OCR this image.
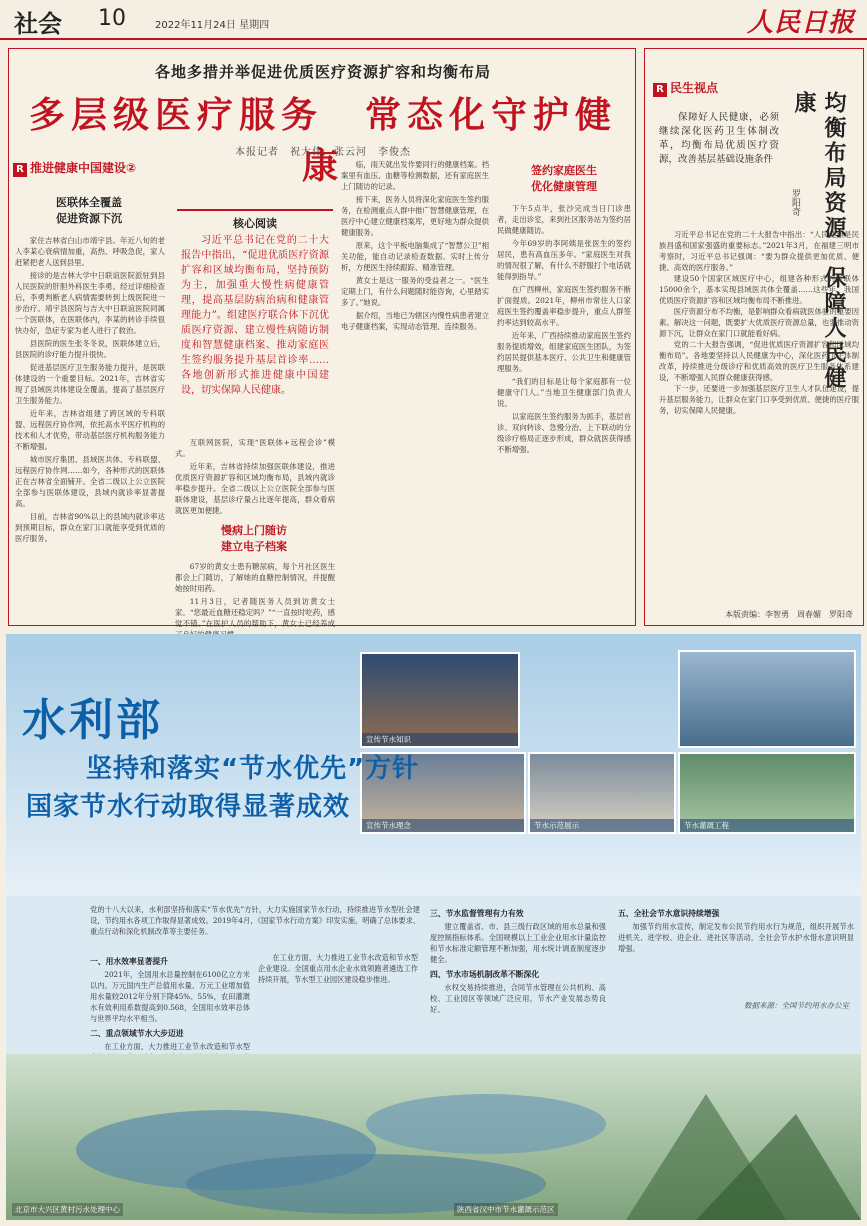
社会 10	2022年11月24日 星期四	人民日报
各地多措并举促进优质医疗资源扩容和均衡布局
多层级医疗服务　常态化守护健康
本报记者　祝大伟　张云河　李俊杰
R 推进健康中国建设②
医联体全覆盖
促进资源下沉

家住吉林省白山市靖宇县。年近八旬的老人李某心衰病情加重，高热、呼吸急促，家人赶紧把老人送到县里。

接诊的是吉林大学中日联谊医院派驻到县人民医院的肝胆外科医生李勇。经过详细检查后，李勇判断老人病情需要转到上级医院进一步治疗。靖宇县医院与吉大中日联谊医院同属一个医联体，在医联体内，李某的转诊手续很快办好，急症专家为老人进行了救治。

县医院的医生张冬冬说，医联体建立后，县医院的诊疗能力提升很快。

促进基层医疗卫生服务能力提升，是医联体建设的一个重要目标。2021年，吉林省实现了县域医共体建设全覆盖，提高了基层医疗卫生服务能力。

近年来，吉林省组建了跨区域的专科联盟、远程医疗协作网，依托高水平医疗机构的技术和人才优势，带动基层医疗机构服务能力不断增强。

城市医疗集团、县域医共体、专科联盟、远程医疗协作网……如今，各种形式的医联体正在吉林省全面铺开。全省二级以上公立医院全部参与医联体建设，县域内就诊率显著提高。

目前，吉林省90%以上的县域内就诊率达到预期目标，群众在家门口就能享受到优质的医疗服务。

核心阅读
习近平总书记在党的二十大报告中指出，“促进优质医疗资源扩容和区域均衡布局，坚持预防为主，加强重大慢性病健康管理，提高基层防病治病和健康管理能力”。组建医疗联合体下沉优质医疗资源、建立慢性病随访制度和智慧健康档案、推动家庭医生签约服务提升基层首诊率……各地创新形式推进健康中国建设，切实保障人民健康。

互联网医院，实现“医联体+远程会诊”模式。

近年来，吉林省持续加强医联体建设，推进优质医疗资源扩容和区域均衡布局，县域内就诊率稳步提升。全省二级以上公立医院全部参与医联体建设，基层诊疗量占比逐年提高，群众看病就医更加便捷。

慢病上门随访
建立电子档案

67岁的黄女士患有糖尿病，每个月社区医生都会上门随访，了解她的血糖控制情况，并提醒她按时用药。

11月3日，记者随医务人员到访黄女士家。“您最近血糖还稳定吗？”“一直按时吃药，感觉不错。”在医护人员的帮助下，黄女士已经养成

临，雨天就出发作要同行的健康档案。档案里有血压、血糖等检测数据，还有家庭医生上门随访的记录。

接下来，医务人员将深化家庭医生签约服务，在检测重点人群中推广智慧健康管理，在医疗中心建立健康档案库，更好地为群众提供健康服务。

原来，这个平板电脑集成了“智慧公卫”相关功能，能自动记录检查数据、实时上传分析，方便医生持续跟踪、精准管理。

黄女士是这一服务的受益者之一。“医生定期上门，有什么问题随时能咨询，心里踏实多了。”她说。

据介绍，当地已为辖区内慢性病患者建立电子健康档案，实现动态管理、连续服务。

签约家庭医生
优化健康管理

下午5点半，张沙完成当日门诊患者，走出诊室，来到社区服务站为签约居民做健康随访。

今年69岁的李阿姨是张医生的签约居民，患有高血压多年。“家庭医生对我的情况很了解，有什么不舒服打个电话就能得到指导。”

在广西柳州，家庭医生签约服务不断扩面提质。2021年，柳州市常住人口家庭医生签约覆盖率稳步提升，重点人群签约率达到较高水平。

近年来，广西持续推动家庭医生签约服务提质增效，组建家庭医生团队，为签约居民提供基本医疗、公共卫生和健康管理服务。

“我们的目标是让每个家庭都有一位健康守门人。”当地卫生健康部门负责人说。

以家庭医生签约服务为抓手，基层首诊、双向转诊、急慢分治、上下联动的分级诊疗格局正逐步形成，群众就医获得感不断增强。

R 民生视点
保障好人民健康，必须继续深化医药卫生体制改革，均衡布局优质医疗资源，改善基层基础设施条件
罗阳奇 均衡布局资源　保障人民健康

习近平总书记在党的二十大报告中指出：“人民健康是民族昌盛和国家强盛的重要标志。”2021年3月，在福建三明市考察时，习近平总书记强调：“要为群众提供更加优质、便捷、高效的医疗服务。”

建设50个国家区域医疗中心，组建各种形式的医联体15000余个，基本实现县域医共体全覆盖……这些年，我国优质医疗资源扩容和区域均衡布局不断推进。

医疗资源分布不均衡，是影响群众看病就医体验的重要因素。解决这一问题，既要扩大优质医疗资源总量，也要推动资源下沉，让群众在家门口就能看好病。

党的二十大报告强调，“促进优质医疗资源扩容和区域均衡布局”。各地要坚持以人民健康为中心，深化医药卫生体制改革，持续推进分级诊疗和优质高效的医疗卫生服务体系建设，不断增强人民群众健康获得感。

下一步，还要进一步加强基层医疗卫生人才队伍建设，提升基层服务能力，让群众在家门口享受到优质、便捷的医疗服务，切实保障人民健康。

本版责编：李智勇　周春媚　罗阳奇
宣传节水知识
宣传节水理念	节水示范展示	节水灌溉工程
水利部
坚持和落实“节水优先”方针
国家节水行动取得显著成效
党的十八大以来，水利部坚持和落实“节水优先”方针，大力实施国家节水行动，持续推进节水型社会建设，节约用水各项工作取得显著成效。2019年4月，《国家节水行动方案》印发实施，明确了总体要求、重点行动和深化机制改革等主要任务。
一、用水效率显著提升

2021年，全国用水总量控制在6100亿立方米以内。万元国内生产总值用水量、万元工业增加值用水量较2012年分别下降45%、55%，农田灌溉水有效利用系数提高到0.568，全国用水效率总体与世界平均水平相当。

二、重点领域节水大步迈进

在工业方面，大力推进工业节水改造和节水型

在工业方面，大力推进工业节水改造和节水型企业建设。全国重点用水企业水效领跑者遴选工作持续开展，节水型工业园区建设稳步推进。

三、节水监督管理有力有效

建立覆盖省、市、县三级行政区域的用水总量和强度控制指标体系。全国规模以上工业企业用水计量监控和节水标准定额管理不断加强，用水统计调查制度逐步健全。

四、节水市场机制改革不断深化

水权交易持续推进，合同节水管理在公共机构、高校、工业园区等领域广泛应用，节水产业发展态势良好。

五、全社会节水意识持续增强

加强节约用水宣传，制定发布公民节约用水行为规范，组织开展节水进机关、进学校、进企业、进社区等活动，全社会节水护水惜水意识明显增强。

数据来源：全国节约用水办公室
北京市大兴区黄村污水处理中心	陕西省汉中市节水灌溉示范区
